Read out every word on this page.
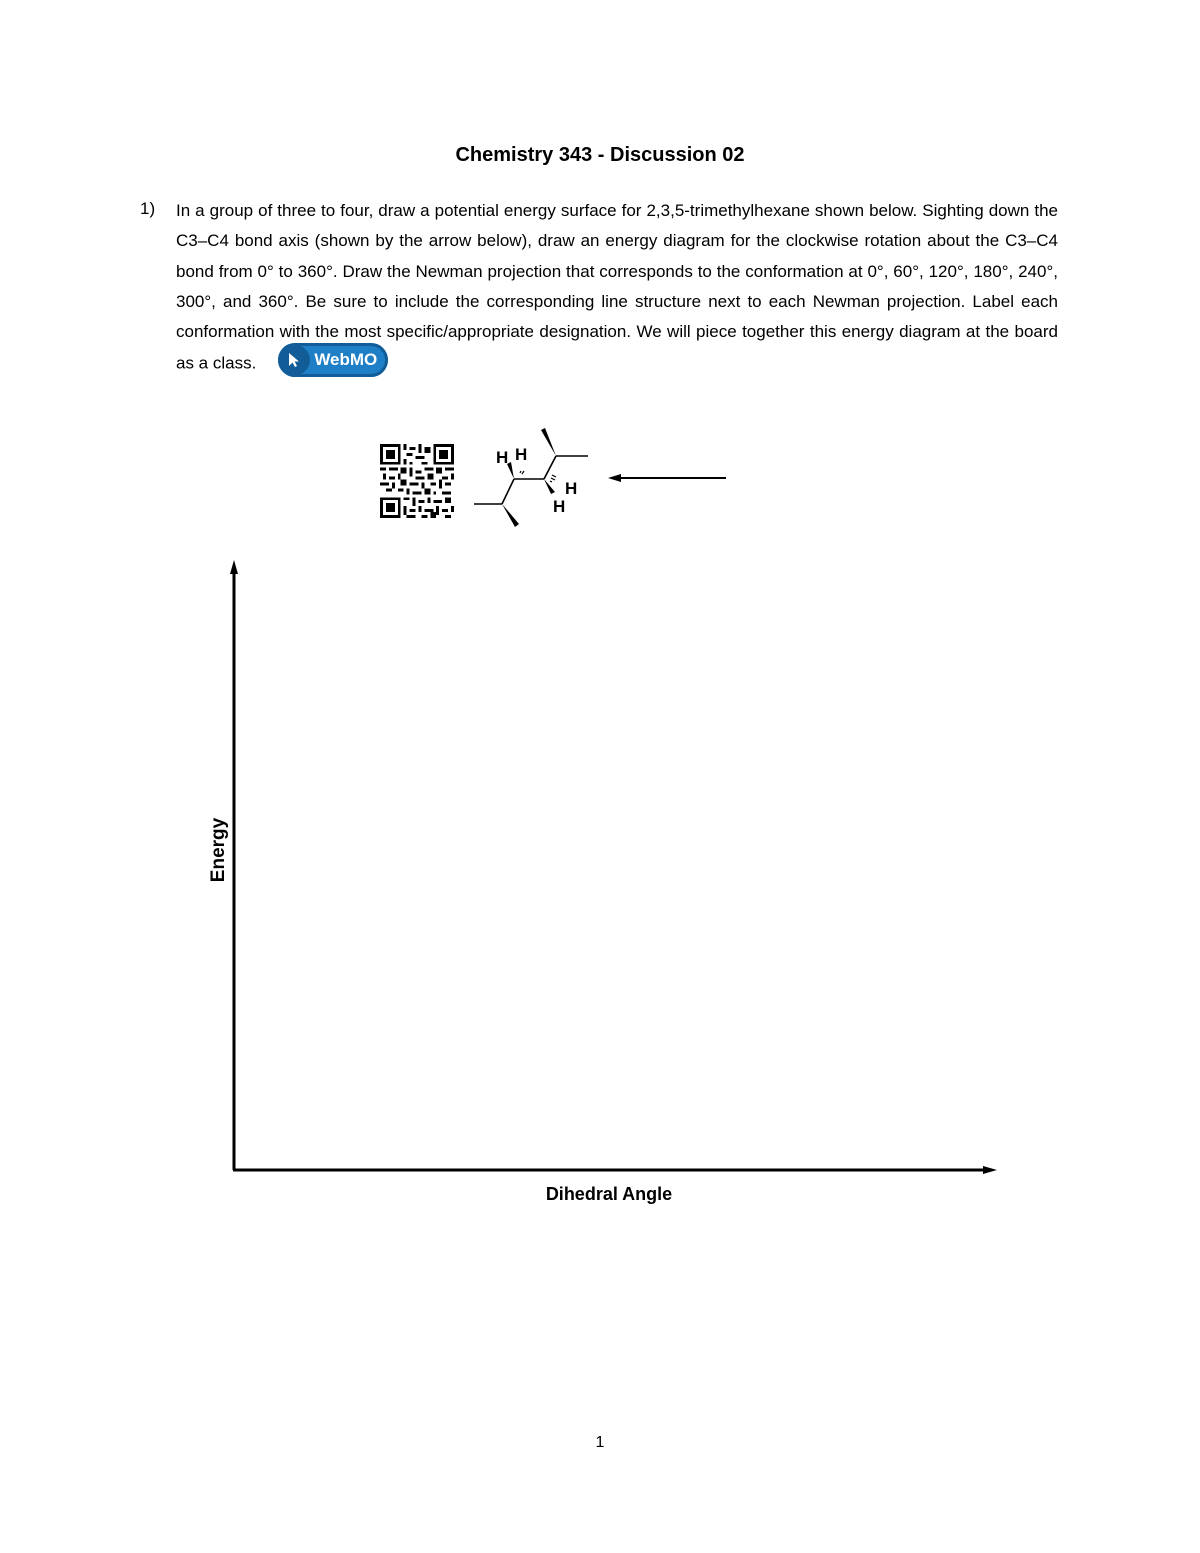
Chemistry 343 - Discussion 02
1) In a group of three to four, draw a potential energy surface for 2,3,5-trimethylhexane shown below. Sighting down the C3–C4 bond axis (shown by the arrow below), draw an energy diagram for the clockwise rotation about the C3–C4 bond from 0° to 360°. Draw the Newman projection that corresponds to the conformation at 0°, 60°, 120°, 180°, 240°, 300°, and 360°. Be sure to include the corresponding line structure next to each Newman projection. Label each conformation with the most specific/appropriate designation. We will piece together this energy diagram at the board as a class.	WebMO
H H
H
H
Energy
Dihedral Angle
1
